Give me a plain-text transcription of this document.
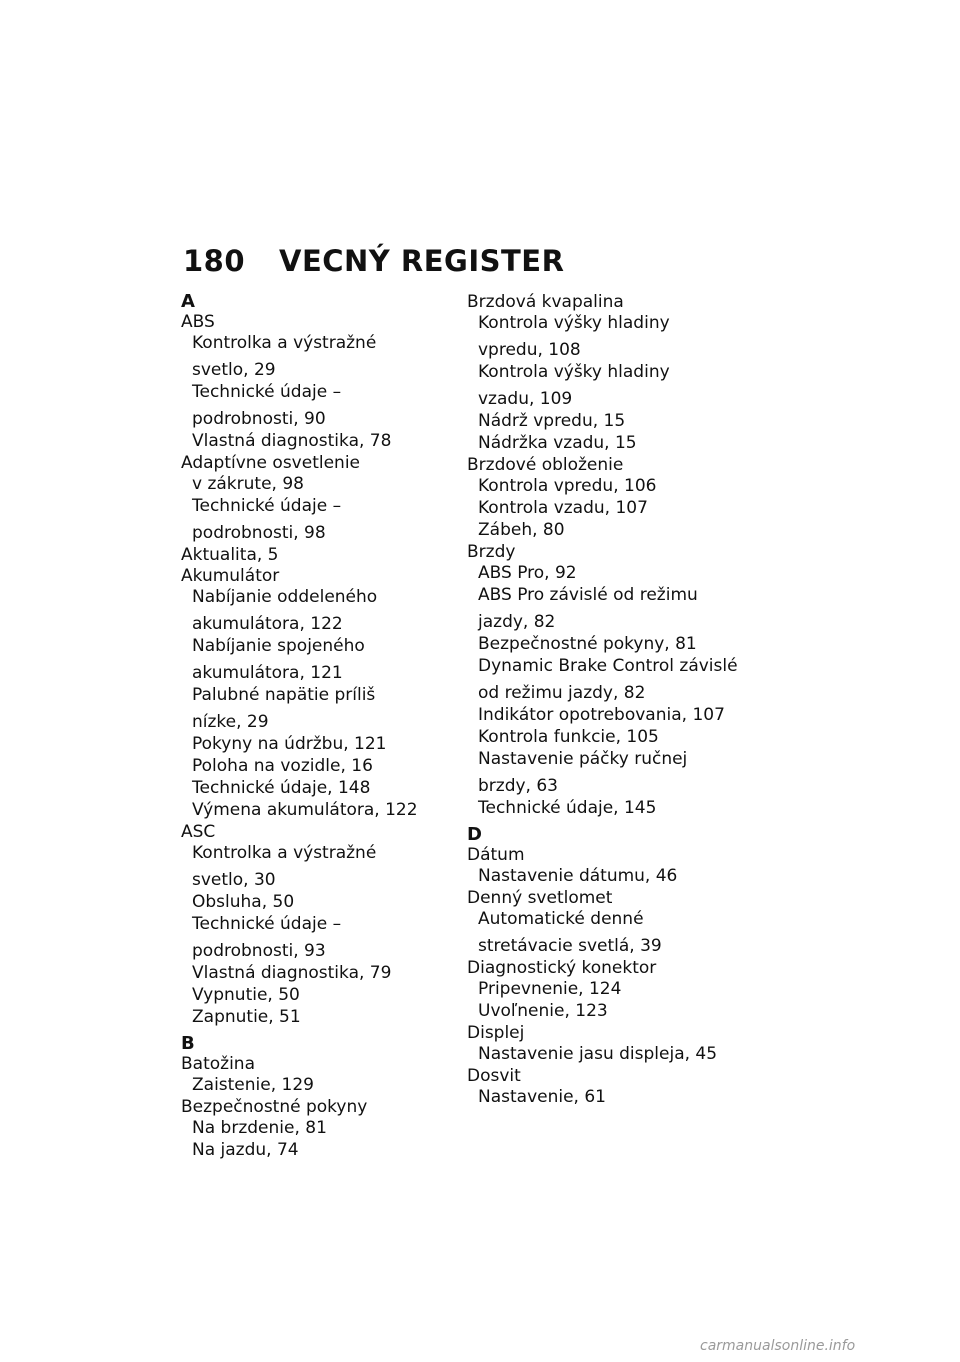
180 VECNÝ REGISTER
A
ABS
Kontrolka a výstražné
svetlo, 29
Technické údaje –
podrobnosti, 90
Vlastná diagnostika, 78
Adaptívne osvetlenie
v zákrute, 98
Technické údaje –
podrobnosti, 98
Aktualita, 5
Akumulátor
Nabíjanie oddeleného
akumulátora, 122
Nabíjanie spojeného
akumulátora, 121
Palubné napätie príliš
nízke, 29
Pokyny na údržbu, 121
Poloha na vozidle, 16
Technické údaje, 148
Výmena akumulátora, 122
ASC
Kontrolka a výstražné
svetlo, 30
Obsluha, 50
Technické údaje –
podrobnosti, 93
Vlastná diagnostika, 79
Vypnutie, 50
Zapnutie, 51
B
Batožina
Zaistenie, 129
Bezpečnostné pokyny
Na brzdenie, 81
Na jazdu, 74
Brzdová kvapalina
Kontrola výšky hladiny
vpredu, 108
Kontrola výšky hladiny
vzadu, 109
Nádrž vpredu, 15
Nádržka vzadu, 15
Brzdové obloženie
Kontrola vpredu, 106
Kontrola vzadu, 107
Zábeh, 80
Brzdy
ABS Pro, 92
ABS Pro závislé od režimu
jazdy, 82
Bezpečnostné pokyny, 81
Dynamic Brake Control závislé
od režimu jazdy, 82
Indikátor opotrebovania, 107
Kontrola funkcie, 105
Nastavenie páčky ručnej
brzdy, 63
Technické údaje, 145
D
Dátum
Nastavenie dátumu, 46
Denný svetlomet
Automatické denné
stretávacie svetlá, 39
Diagnostický konektor
Pripevnenie, 124
Uvoľnenie, 123
Displej
Nastavenie jasu displeja, 45
Dosvit
Nastavenie, 61
carmanualsonline.info
